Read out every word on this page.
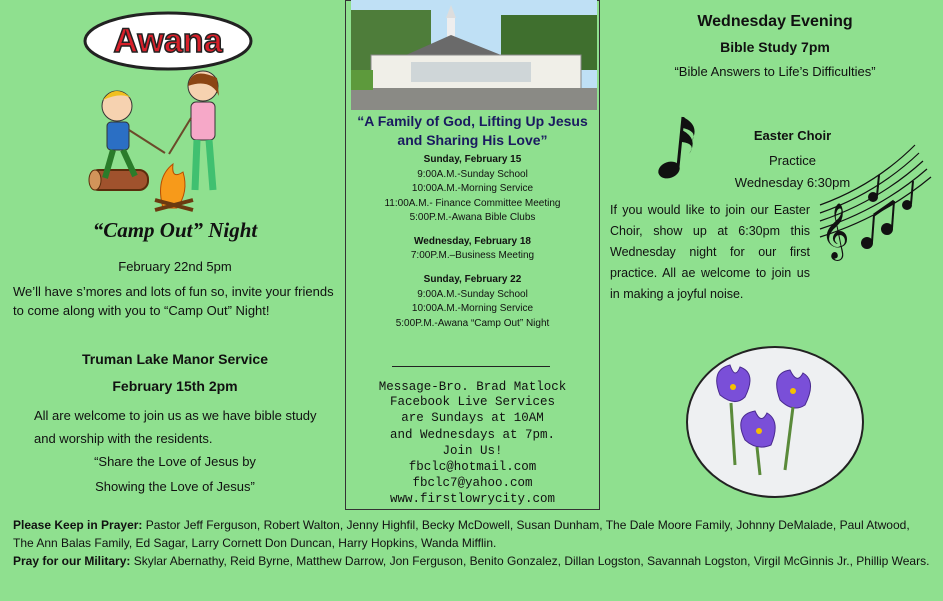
Awana
“Camp Out” Night
February 22nd 5pm
We’ll have s’mores and lots of fun so, invite your friends to come along with you to “Camp Out” Night!
Truman Lake Manor Service
February 15th 2pm
All are welcome to join us as we have bible study and worship with the residents.
“Share the Love of Jesus by
Showing the Love of Jesus”
“A Family of God, Lifting Up Jesus and Sharing His Love”
Sunday, February 15
9:00A.M.-Sunday School
10:00A.M.-Morning Service
11:00A.M.- Finance Committee Meeting
5:00P.M.-Awana Bible Clubs
Wednesday, February 18
7:00P.M.–Business Meeting
Sunday, February 22
9:00A.M.-Sunday School
10:00A.M.-Morning Service
5:00P.M.-Awana “Camp Out” Night
Message-Bro. Brad Matlock
Facebook Live Services
are Sundays at 10AM
and Wednesdays at 7pm.
Join Us!
fbclc@hotmail.com
fbclc7@yahoo.com
www.firstlowrycity.com
Wednesday Evening
Bible Study 7pm
“Bible Answers to Life’s Difficulties”
Easter Choir
Practice
Wednesday 6:30pm
𝄞
If you would like to join our Easter Choir, show up at 6:30pm this Wednesday night for our first practice. All ae welcome to join us in making a joyful noise.
Please Keep in Prayer: Pastor Jeff Ferguson, Robert Walton, Jenny Highfil, Becky McDowell, Susan Dunham, The Dale Moore Family, Johnny DeMalade, Paul Atwood, The Ann Balas Family, Ed Sagar, Larry Cornett Don Duncan, Harry Hopkins, Wanda Mifflin.
Pray for our Military: Skylar Abernathy, Reid Byrne, Matthew Darrow, Jon Ferguson, Benito Gonzalez, Dillan Logston, Savannah Logston, Virgil McGinnis Jr., Phillip Wears.
